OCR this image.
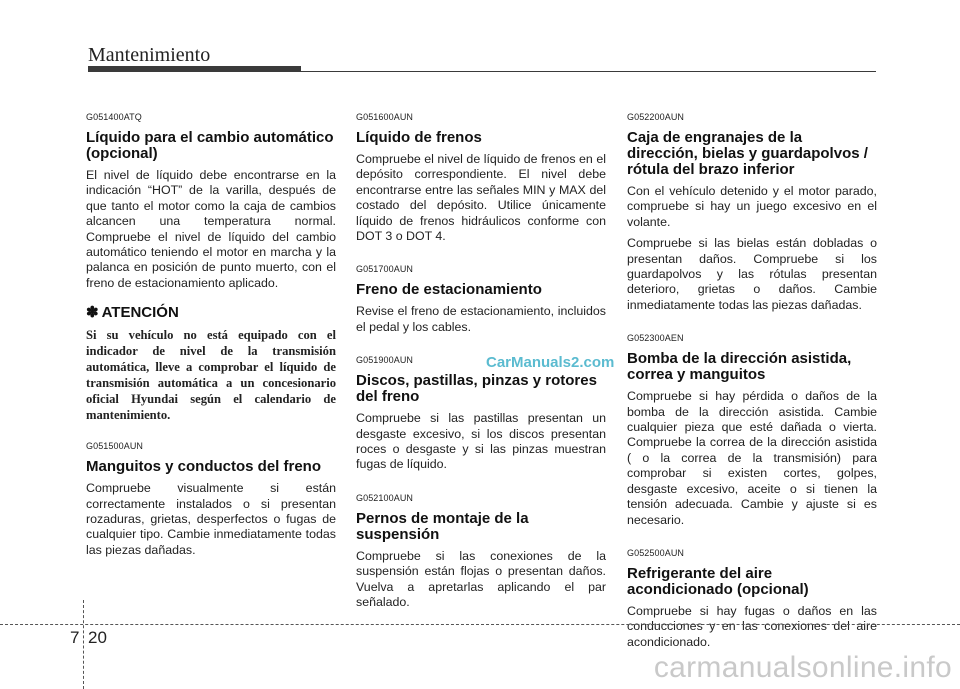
Mantenimiento
G051400ATQ
Líquido para el cambio automático (opcional)
El nivel de líquido debe encontrarse en la indicación “HOT” de la varilla, después de que tanto el motor como la caja de cambios alcancen una temperatura normal. Compruebe el nivel de líquido del cambio automático teniendo el motor en marcha y la palanca en posición de punto muerto, con el freno de estacionamiento aplicado.
✽ ATENCIÓN
Si su vehículo no está equipado con el indicador de nivel de la transmisión automática, lleve a comprobar el líquido de transmisión automática a un concesionario oficial Hyundai según el calendario de mantenimiento.
G051500AUN
Manguitos y conductos del freno
Compruebe visualmente si están correctamente instalados o si presentan rozaduras, grietas, desperfectos o fugas de cualquier tipo. Cambie inmediatamente todas las piezas dañadas.
G051600AUN
Líquido de frenos
Compruebe el nivel de líquido de frenos en el depósito correspondiente. El nivel debe encontrarse entre las señales MIN y MAX del costado del depósito. Utilice únicamente líquido de frenos hidráulicos conforme con DOT 3 o DOT 4.
G051700AUN
Freno de estacionamiento
Revise el freno de estacionamiento, incluidos el pedal y los cables.
G051900AUN
Discos, pastillas, pinzas y rotores del freno
Compruebe si las pastillas presentan un desgaste excesivo, si los discos presentan roces o desgaste y si las pinzas muestran fugas de líquido.
G052100AUN
Pernos de montaje de la suspensión
Compruebe si las conexiones de la suspensión están flojas o presentan daños. Vuelva a apretarlas aplicando el par señalado.
G052200AUN
Caja de engranajes de la dirección, bielas y guardapolvos / rótula del brazo inferior
Con el vehículo detenido y el motor parado, compruebe si hay un juego excesivo en el volante.
Compruebe si las bielas están dobladas o presentan daños. Compruebe si los guardapolvos y las rótulas presentan deterioro, grietas o daños. Cambie inmediatamente todas las piezas dañadas.
G052300AEN
Bomba de la dirección asistida, correa y manguitos
Compruebe si hay pérdida o daños de la bomba de la dirección asistida. Cambie cualquier pieza que esté dañada o vierta. Compruebe la correa de la dirección asistida ( o la correa de la transmisión) para comprobar si existen cortes, golpes, desgaste excesivo, aceite o si tienen la tensión adecuada. Cambie y ajuste si es necesario.
G052500AUN
Refrigerante del aire acondicionado (opcional)
Compruebe si hay fugas o daños en las conducciones y en las conexiones del aire acondicionado.
CarManuals2.com
7 20
carmanualsonline.info
